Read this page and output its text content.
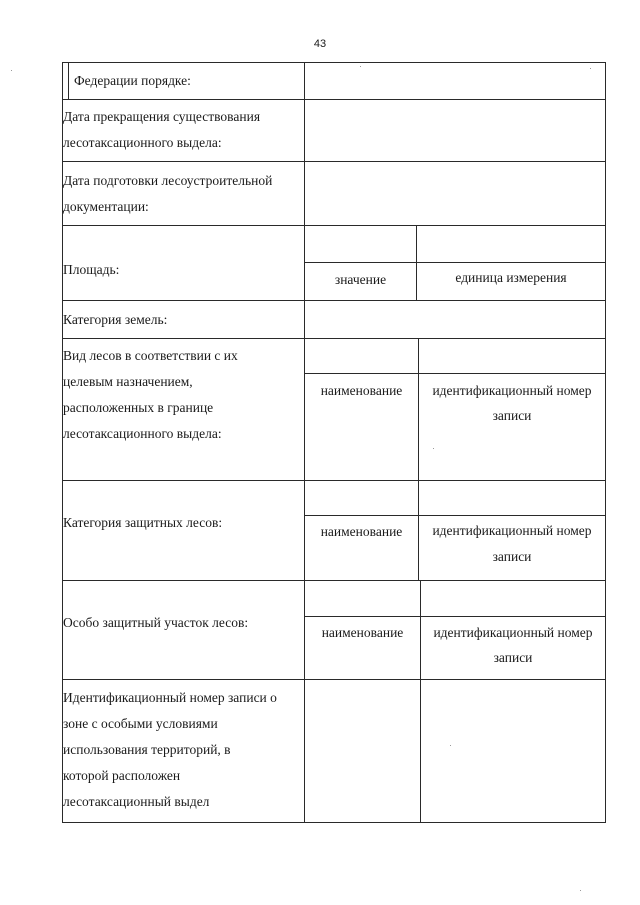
43
Федерации порядке:
Дата прекращения существования
лесотаксационного выдела:
Дата подготовки лесоустроительной
документации:
Площадь:
значение	единица измерения
Категория земель:
Вид лесов в соответствии с их
целевым назначением,
расположенных в границе
лесотаксационного выдела:
наименование	идентификационный номер
записи
Категория защитных лесов:
наименование	идентификационный номер
записи
Особо защитный участок лесов:
наименование	идентификационный номер
записи
Идентификационный номер записи о
зоне с особыми условиями
использования территорий, в
которой расположен
лесотаксационный выдел
